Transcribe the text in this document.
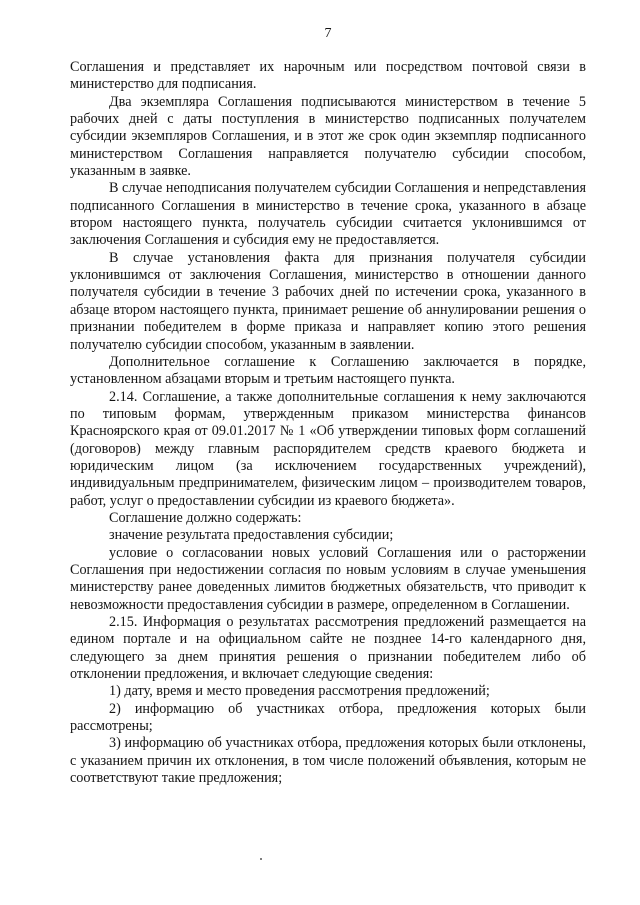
7

Соглашения и представляет их нарочным или посредством почтовой связи в министерство для подписания.

Два экземпляра Соглашения подписываются министерством в течение 5 рабочих дней с даты поступления в министерство подписанных получателем субсидии экземпляров Соглашения, и в этот же срок один экземпляр подписанного министерством Соглашения направляется получателю субсидии способом, указанным в заявке.

В случае неподписания получателем субсидии Соглашения и непредставления подписанного Соглашения в министерство в течение срока, указанного в абзаце втором настоящего пункта, получатель субсидии считается уклонившимся от заключения Соглашения и субсидия ему не предоставляется.

В случае установления факта для признания получателя субсидии уклонившимся от заключения Соглашения, министерство в отношении данного получателя субсидии в течение 3 рабочих дней по истечении срока, указанного в абзаце втором настоящего пункта, принимает решение об аннулировании решения о признании победителем в форме приказа и направляет копию этого решения получателю субсидии способом, указанным в заявлении.

Дополнительное соглашение к Соглашению заключается в порядке, установленном абзацами вторым и третьим настоящего пункта.

2.14. Соглашение, а также дополнительные соглашения к нему заключаются по типовым формам, утвержденным приказом министерства финансов Красноярского края от 09.01.2017 № 1 «Об утверждении типовых форм соглашений (договоров) между главным распорядителем средств краевого бюджета и юридическим лицом (за исключением государственных учреждений), индивидуальным предпринимателем, физическим лицом – производителем товаров, работ, услуг о предоставлении субсидии из краевого бюджета».

Соглашение должно содержать:

значение результата предоставления субсидии;

условие о согласовании новых условий Соглашения или о расторжении Соглашения при недостижении согласия по новым условиям в случае уменьшения министерству ранее доведенных лимитов бюджетных обязательств, что приводит к невозможности предоставления субсидии в размере, определенном в Соглашении.

2.15. Информация о результатах рассмотрения предложений размещается на едином портале и на официальном сайте не позднее 14-го календарного дня, следующего за днем принятия решения о признании победителем либо об отклонении предложения, и включает следующие сведения:

1) дату, время и место проведения рассмотрения предложений;

2) информацию об участниках отбора, предложения которых были рассмотрены;

3) информацию об участниках отбора, предложения которых были отклонены, с указанием причин их отклонения, в том числе положений объявления, которым не соответствуют такие предложения;
